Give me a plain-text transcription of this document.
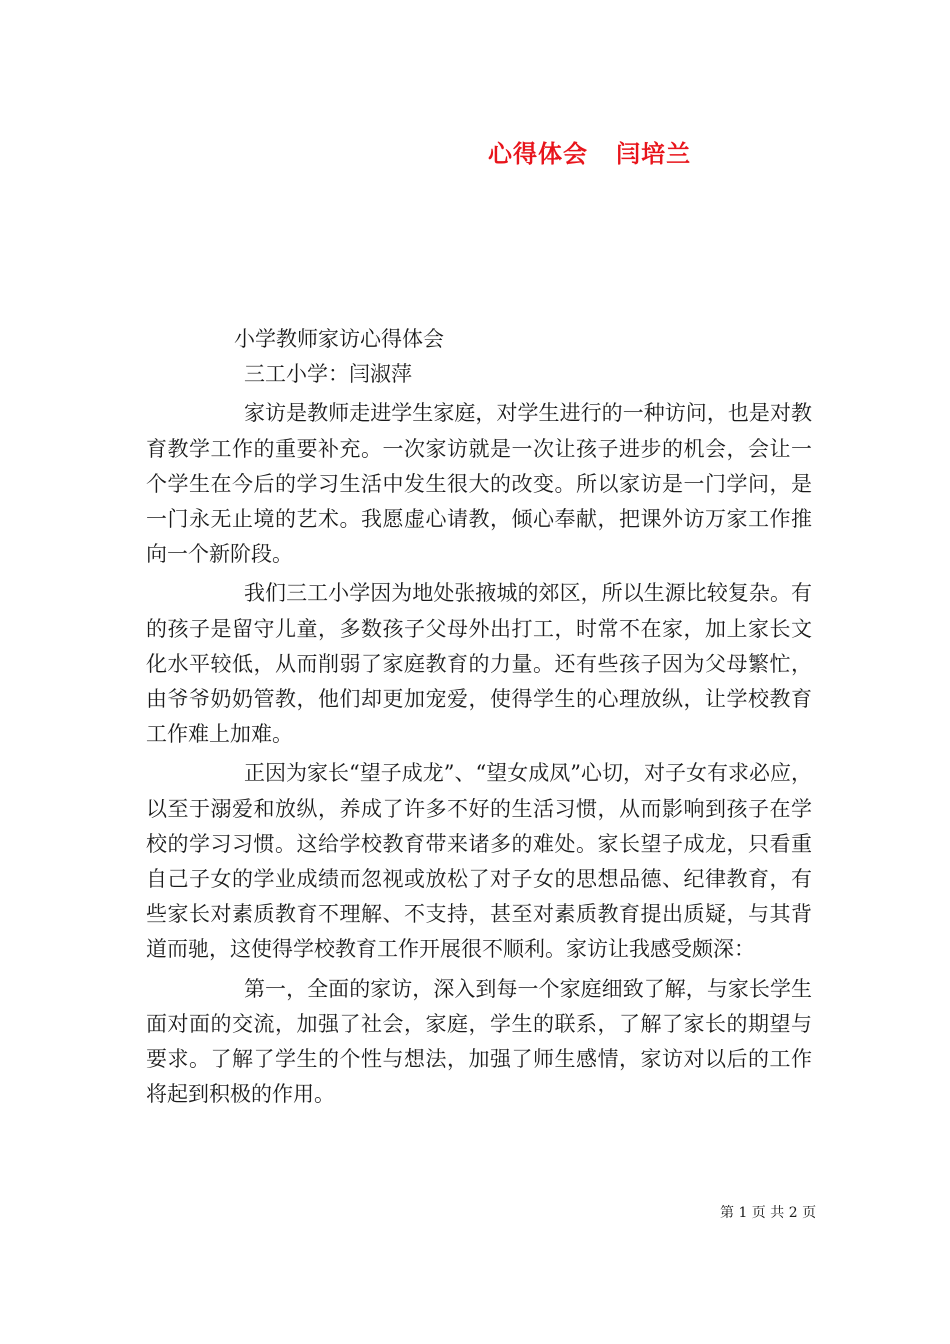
心得体会   闫培兰
小学教师家访心得体会

三工小学：闫淑萍

家访是教师走进学生家庭，对学生进行的一种访问，也是对教育教学工作的重要补充。一次家访就是一次让孩子进步的机会，会让一个学生在今后的学习生活中发生很大的改变。所以家访是一门学问，是一门永无止境的艺术。我愿虚心请教，倾心奉献，把课外访万家工作推向一个新阶段。

我们三工小学因为地处张掖城的郊区，所以生源比较复杂。有的孩子是留守儿童，多数孩子父母外出打工，时常不在家，加上家长文化水平较低，从而削弱了家庭教育的力量。还有些孩子因为父母繁忙，由爷爷奶奶管教，他们却更加宠爱，使得学生的心理放纵，让学校教育工作难上加难。

正因为家长“望子成龙”、“望女成凤”心切，对子女有求必应，以至于溺爱和放纵，养成了许多不好的生活习惯，从而影响到孩子在学校的学习习惯。这给学校教育带来诸多的难处。家长望子成龙，只看重自己子女的学业成绩而忽视或放松了对子女的思想品德、纪律教育，有些家长对素质教育不理解、不支持，甚至对素质教育提出质疑，与其背道而驰，这使得学校教育工作开展很不顺利。家访让我感受颇深：

第一，全面的家访，深入到每一个家庭细致了解，与家长学生面对面的交流，加强了社会，家庭，学生的联系，了解了家长的期望与要求。了解了学生的个性与想法，加强了师生感情，家访对以后的工作将起到积极的作用。

第 1 页 共 2 页
